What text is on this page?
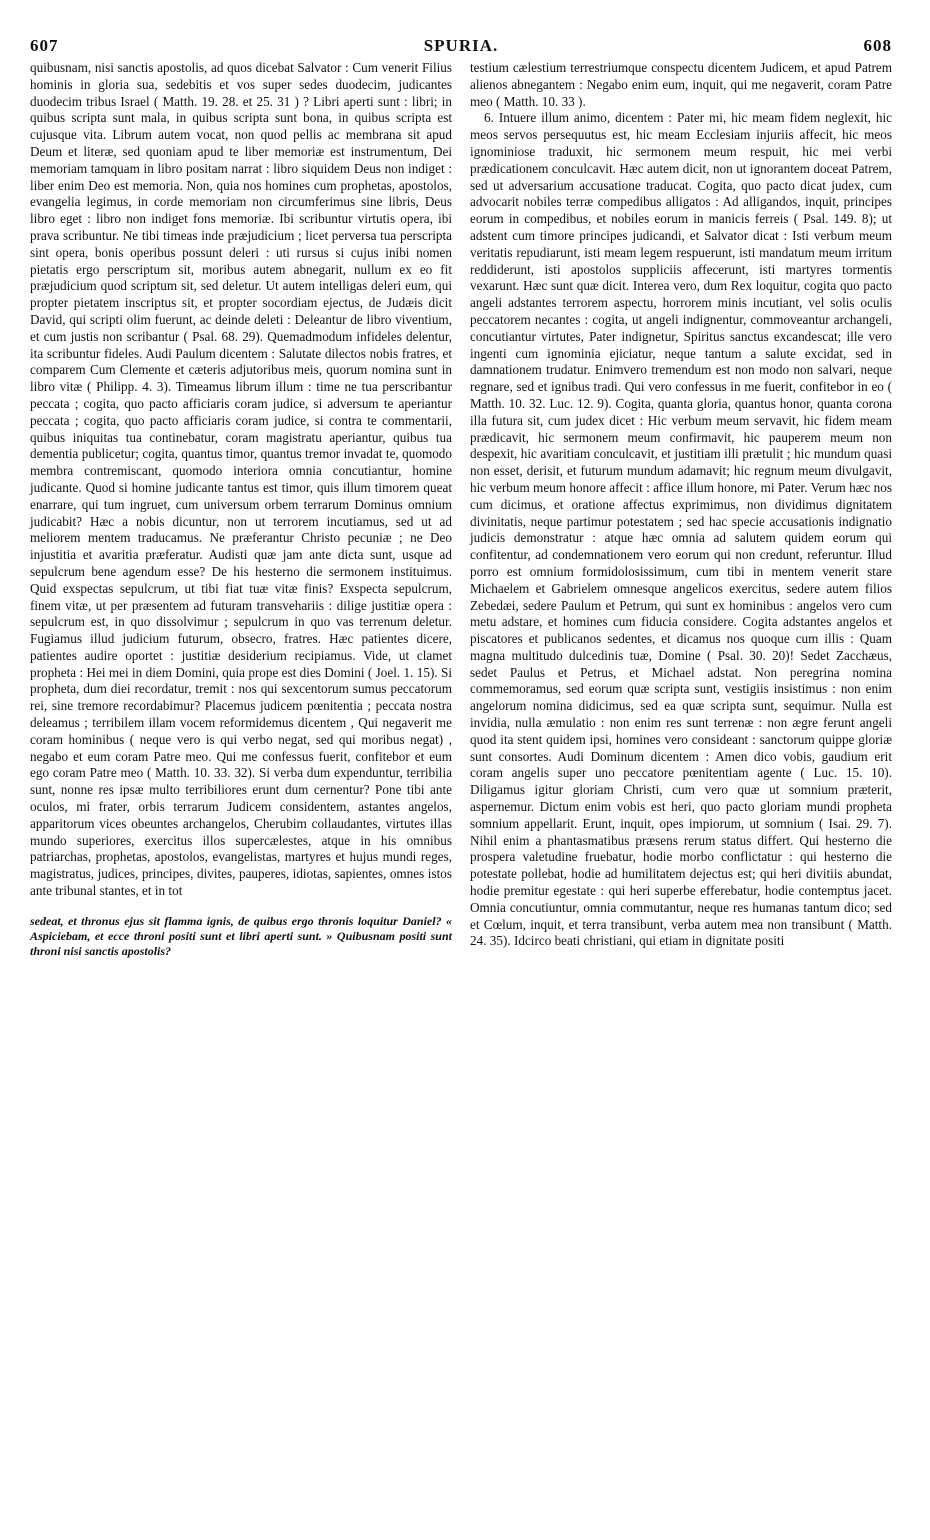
607	SPURIA.	608

quibusnam, nisi sanctis apostolis, ad quos dicebat Salvator : Cum venerit Filius hominis in gloria sua, sedebitis et vos super sedes duodecim, judicantes duodecim tribus Israel ( Matth. 19. 28. et 25. 31 ) ? Libri aperti sunt : libri; in quibus scripta sunt mala, in quibus scripta sunt bona, in quibus scripta est cujusque vita. Librum autem vocat, non quod pellis ac membrana sit apud Deum et literæ, sed quoniam apud te liber memoriæ est instrumentum, Dei memoriam tamquam in libro positam narrat : libro siquidem Deus non indiget : liber enim Deo est memoria. Non, quia nos homines cum prophetas, apostolos, evangelia legimus, in corde memoriam non circumferimus sine libris, Deus libro eget : libro non indiget fons memoriæ. Ibi scribuntur virtutis opera, ibi prava scribuntur. Ne tibi timeas inde præjudicium ; licet perversa tua perscripta sint opera, bonis operibus possunt deleri : uti rursus si cujus inibi nomen pietatis ergo perscriptum sit, moribus autem abnegarit, nullum ex eo fit præjudicium quod scriptum sit, sed deletur. Ut autem intelligas deleri eum, qui propter pietatem inscriptus sit, et propter socordiam ejectus, de Judæis dicit David, qui scripti olim fuerunt, ac deinde deleti : Deleantur de libro viventium, et cum justis non scribantur ( Psal. 68. 29). Quemadmodum infideles delentur, ita scribuntur fideles. Audi Paulum dicentem : Salutate dilectos nobis fratres, et comparem Cum Clemente et cæteris adjutoribus meis, quorum nomina sunt in libro vitæ ( Philipp. 4. 3). Timeamus librum illum : time ne tua perscribantur peccata ; cogita, quo pacto afficiaris coram judice, si adversum te aperiantur peccata ; cogita, quo pacto afficiaris coram judice, si contra te commentarii, quibus iniquitas tua continebatur, coram magistratu aperiantur, quibus tua dementia publicetur; cogita, quantus timor, quantus tremor invadat te, quomodo membra contremiscant, quomodo interiora omnia concutiantur, homine judicante. Quod si homine judicante tantus est timor, quis illum timorem queat enarrare, qui tum ingruet, cum universum orbem terrarum Dominus omnium judicabit? Hæc a nobis dicuntur, non ut terrorem incutiamus, sed ut ad meliorem mentem traducamus. Ne præferantur Christo pecuniæ ; ne Deo injustitia et avaritia præferatur. Audisti quæ jam ante dicta sunt, usque ad sepulcrum bene agendum esse? De his hesterno die sermonem instituimus. Quid exspectas sepulcrum, ut tibi fiat tuæ vitæ finis? Exspecta sepulcrum, finem vitæ, ut per præsentem ad futuram transvehariis : dilige justitiæ opera : sepulcrum est, in quo dissolvimur ; sepulcrum in quo vas terrenum deletur. Fugiamus illud judicium futurum, obsecro, fratres. Hæc patientes dicere, patientes audire oportet : justitiæ desiderium recipiamus. Vide, ut clamet propheta : Hei mei in diem Domini, quia prope est dies Domini ( Joel. 1. 15). Si propheta, dum diei recordatur, tremit : nos qui sexcentorum sumus peccatorum rei, sine tremore recordabimur? Placemus judicem pœnitentia ; peccata nostra deleamus ; terribilem illam vocem reformidemus dicentem , Qui negaverit me coram hominibus ( neque vero is qui verbo negat, sed qui moribus negat) , negabo et eum coram Patre meo. Qui me confessus fuerit, confitebor et eum ego coram Patre meo ( Matth. 10. 33. 32). Si verba dum expenduntur, terribilia sunt, nonne res ipsæ multo terribiliores erunt dum cernentur? Pone tibi ante oculos, mi frater, orbis terrarum Judicem considentem, astantes angelos, apparitorum vices obeuntes archangelos, Cherubim collaudantes, virtutes illas mundo superiores, exercitus illos supercælestes, atque in his omnibus patriarchas, prophetas, apostolos, evangelistas, martyres et hujus mundi reges, magistratus, judices, principes, divites, pauperes, idiotas, sapientes, omnes istos ante tribunal stantes, et in tot

sedeat, et thronus ejus sit flamma ignis, de quibus ergo thronis loquitur Daniel? « Aspiciebam, et ecce throni positi sunt et libri aperti sunt. » Quibusnam positi sunt throni nisi sanctis apostolis?

testium cælestium terrestriumque conspectu dicentem Judicem, et apud Patrem alienos abnegantem : Negabo enim eum, inquit, qui me negaverit, coram Patre meo ( Matth. 10. 33 ).

6. Intuere illum animo, dicentem : Pater mi, hic meam fidem neglexit, hic meos servos persequutus est, hic meam Ecclesiam injuriis affecit, hic meos ignominiose traduxit, hic sermonem meum respuit, hic mei verbi prædicationem conculcavit. Hæc autem dicit, non ut ignorantem doceat Patrem, sed ut adversarium accusatione traducat. Cogita, quo pacto dicat judex, cum advocarit nobiles terræ compedibus alligatos : Ad alligandos, inquit, principes eorum in compedibus, et nobiles eorum in manicis ferreis ( Psal. 149. 8); ut adstent cum timore principes judicandi, et Salvator dicat : Isti verbum meum veritatis repudiarunt, isti meam legem respuerunt, isti mandatum meum irritum reddiderunt, isti apostolos suppliciis affecerunt, isti martyres tormentis vexarunt. Hæc sunt quæ dicit. Interea vero, dum Rex loquitur, cogita quo pacto angeli adstantes terrorem aspectu, horrorem minis incutiant, vel solis oculis peccatorem necantes : cogita, ut angeli indignentur, commoveantur archangeli, concutiantur virtutes, Pater indignetur, Spiritus sanctus excandescat; ille vero ingenti cum ignominia ejiciatur, neque tantum a salute excidat, sed in damnationem trudatur. Enimvero tremendum est non modo non salvari, neque regnare, sed et ignibus tradi. Qui vero confessus in me fuerit, confitebor in eo ( Matth. 10. 32. Luc. 12. 9). Cogita, quanta gloria, quantus honor, quanta corona illa futura sit, cum judex dicet : Hic verbum meum servavit, hic fidem meam prædicavit, hic sermonem meum confirmavit, hic pauperem meum non despexit, hic avaritiam conculcavit, et justitiam illi prætulit ; hic mundum quasi non esset, derisit, et futurum mundum adamavit; hic regnum meum divulgavit, hic verbum meum honore affecit : affice illum honore, mi Pater. Verum hæc nos cum dicimus, et oratione affectus exprimimus, non dividimus dignitatem divinitatis, neque partimur potestatem ; sed hac specie accusationis indignatio judicis demonstratur : atque hæc omnia ad salutem quidem eorum qui confitentur, ad condemnationem vero eorum qui non credunt, referuntur. Illud porro est omnium formidolosissimum, cum tibi in mentem venerit stare Michaelem et Gabrielem omnesque angelicos exercitus, sedere autem filios Zebedæi, sedere Paulum et Petrum, qui sunt ex hominibus : angelos vero cum metu adstare, et homines cum fiducia considere. Cogita adstantes angelos et piscatores et publicanos sedentes, et dicamus nos quoque cum illis : Quam magna multitudo dulcedinis tuæ, Domine ( Psal. 30. 20)! Sedet Zacchæus, sedet Paulus et Petrus, et Michael adstat. Non peregrina nomina commemoramus, sed eorum quæ scripta sunt, vestigiis insistimus : non enim angelorum nomina didicimus, sed ea quæ scripta sunt, sequimur. Nulla est invidia, nulla æmulatio : non enim res sunt terrenæ : non ægre ferunt angeli quod ita stent quidem ipsi, homines vero consideant : sanctorum quippe gloriæ sunt consortes. Audi Dominum dicentem : Amen dico vobis, gaudium erit coram angelis super uno peccatore pœnitentiam agente ( Luc. 15. 10). Diligamus igitur gloriam Christi, cum vero quæ ut somnium præterit, aspernemur. Dictum enim vobis est heri, quo pacto gloriam mundi propheta somnium appellarit. Erunt, inquit, opes impiorum, ut somnium ( Isai. 29. 7). Nihil enim a phantasmatibus præsens rerum status differt. Qui hesterno die prospera valetudine fruebatur, hodie morbo conflictatur : qui hesterno die potestate pollebat, hodie ad humilitatem dejectus est; qui heri divitiis abundat, hodie premitur egestate : qui heri superbe efferebatur, hodie contemptus jacet. Omnia concutiuntur, omnia commutantur, neque res humanas tantum dico; sed et Cœlum, inquit, et terra transibunt, verba autem mea non transibunt ( Matth. 24. 35). Idcirco beati christiani, qui etiam in dignitate positi
